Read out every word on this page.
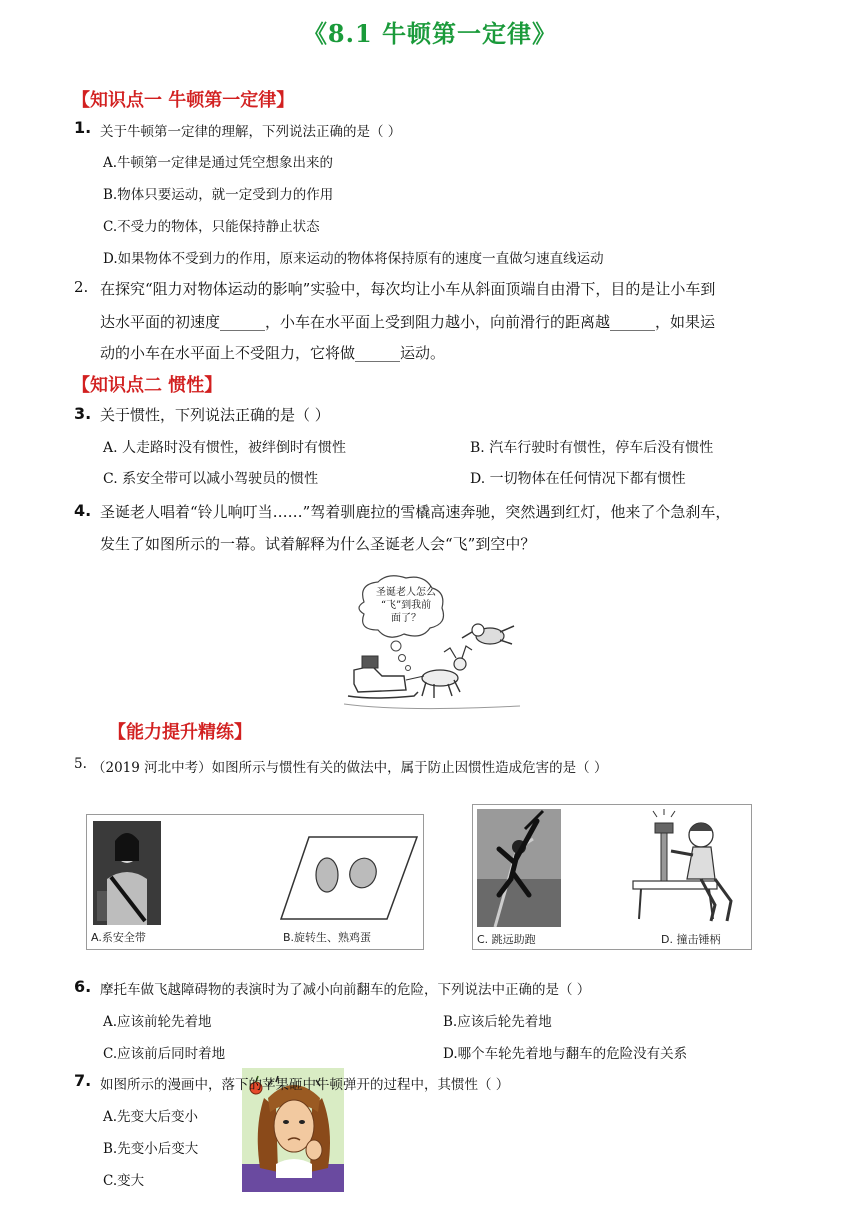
《8.1 牛顿第一定律》
【知识点一 牛顿第一定律】
1. 关于牛顿第一定律的理解，下列说法正确的是（ ）
A.牛顿第一定律是通过凭空想象出来的
B.物体只要运动，就一定受到力的作用
C.不受力的物体，只能保持静止状态
D.如果物体不受到力的作用，原来运动的物体将保持原有的速度一直做匀速直线运动
2. 在探究“阻力对物体运动的影响”实验中，每次均让小车从斜面顶端自由滑下，目的是让小车到
达水平面的初速度______，小车在水平面上受到阻力越小，向前滑行的距离越______，如果运
动的小车在水平面上不受阻力，它将做______运动。
【知识点二 惯性】
3. 关于惯性，下列说法正确的是（ ）
A. 人走路时没有惯性，被绊倒时有惯性	B. 汽车行驶时有惯性，停车后没有惯性
C. 系安全带可以减小驾驶员的惯性	D. 一切物体在任何情况下都有惯性
4. 圣诞老人唱着“铃儿响叮当……”驾着驯鹿拉的雪橇高速奔驰，突然遇到红灯，他来了个急刹车，
发生了如图所示的一幕。试着解释为什么圣诞老人会“飞”到空中？
圣诞老人怎么
“飞”到我前
面了？
【能力提升精练】
5. （2019 河北中考）如图所示与惯性有关的做法中，属于防止因惯性造成危害的是（ ）
A.系安全带	B.旋转生、熟鸡蛋	C. 跳远助跑	D. 撞击锤柄
6. 摩托车做飞越障碍物的表演时为了减小向前翻车的危险，下列说法中正确的是（ ）
A.应该前轮先着地	B.应该后轮先着地
C.应该前后同时着地	D.哪个车轮先着地与翻车的危险没有关系
7. 如图所示的漫画中，落下的苹果砸中牛顿弹开的过程中，其惯性（ ）
A.先变大后变小
B.先变小后变大
C.变大
